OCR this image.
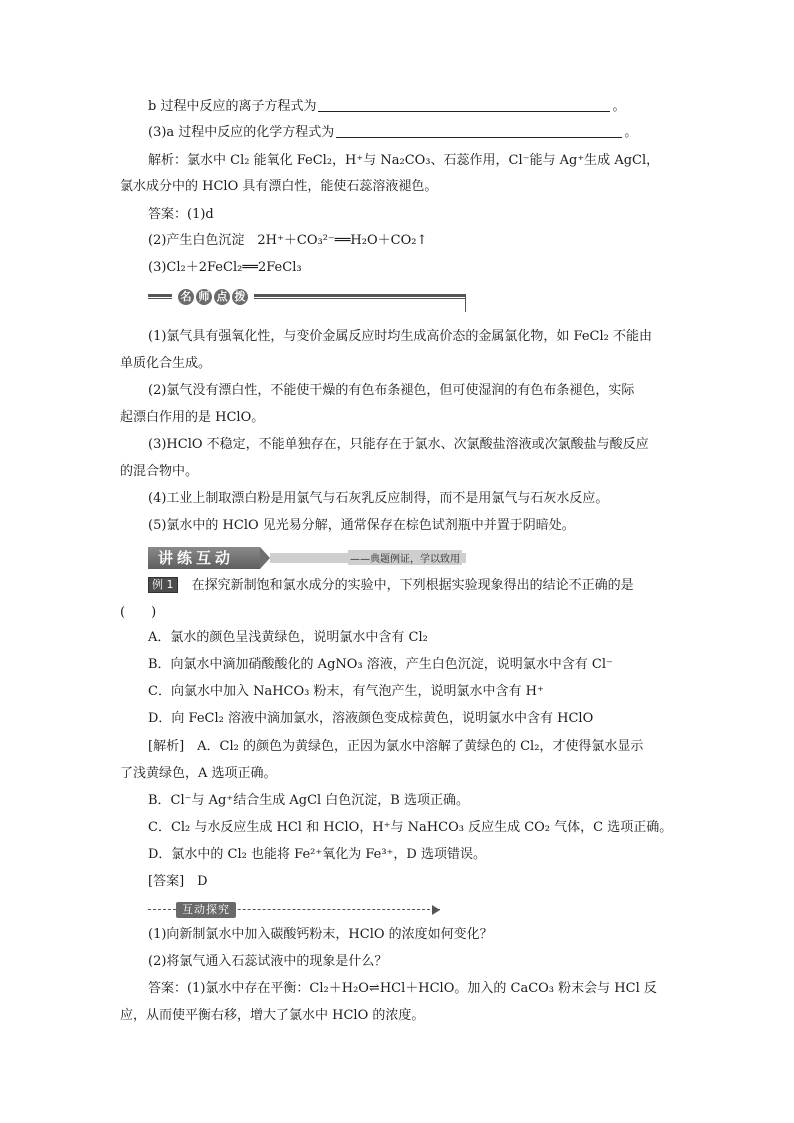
b 过程中反应的离子方程式为	。
(3)a 过程中反应的化学方程式为	。
解析：氯水中 Cl₂ 能氧化 FeCl₂，H⁺与 Na₂CO₃、石蕊作用，Cl⁻能与 Ag⁺生成 AgCl，
氯水成分中的 HClO 具有漂白性，能使石蕊溶液褪色。
答案：(1)d
(2)产生白色沉淀　2H⁺＋CO₃²⁻══H₂O＋CO₂↑
(3)Cl₂＋2FeCl₂══2FeCl₃
名 师 点 拨
(1)氯气具有强氧化性，与变价金属反应时均生成高价态的金属氯化物，如 FeCl₂ 不能由
单质化合生成。
(2)氯气没有漂白性，不能使干燥的有色布条褪色，但可使湿润的有色布条褪色，实际
起漂白作用的是 HClO。
(3)HClO 不稳定，不能单独存在，只能存在于氯水、次氯酸盐溶液或次氯酸盐与酸反应
的混合物中。
(4)工业上制取漂白粉是用氯气与石灰乳反应制得，而不是用氯气与石灰水反应。
(5)氯水中的 HClO 见光易分解，通常保存在棕色试剂瓶中并置于阴暗处。
讲练互动	——典题例证，学以致用
例 1 在探究新制饱和氯水成分的实验中，下列根据实验现象得出的结论不正确的是
(　　)
A．氯水的颜色呈浅黄绿色，说明氯水中含有 Cl₂
B．向氯水中滴加硝酸酸化的 AgNO₃ 溶液，产生白色沉淀，说明氯水中含有 Cl⁻
C．向氯水中加入 NaHCO₃ 粉末，有气泡产生，说明氯水中含有 H⁺
D．向 FeCl₂ 溶液中滴加氯水，溶液颜色变成棕黄色，说明氯水中含有 HClO
[解析]　A．Cl₂ 的颜色为黄绿色，正因为氯水中溶解了黄绿色的 Cl₂，才使得氯水显示
了浅黄绿色，A 选项正确。
B．Cl⁻与 Ag⁺结合生成 AgCl 白色沉淀，B 选项正确。
C．Cl₂ 与水反应生成 HCl 和 HClO，H⁺与 NaHCO₃ 反应生成 CO₂ 气体，C 选项正确。
D．氯水中的 Cl₂ 也能将 Fe²⁺氧化为 Fe³⁺，D 选项错误。
[答案]　D
互动探究
(1)向新制氯水中加入碳酸钙粉末，HClO 的浓度如何变化？
(2)将氯气通入石蕊试液中的现象是什么？
答案：(1)氯水中存在平衡：Cl₂＋H₂O⇌HCl＋HClO。加入的 CaCO₃ 粉末会与 HCl 反
应，从而使平衡右移，增大了氯水中 HClO 的浓度。
